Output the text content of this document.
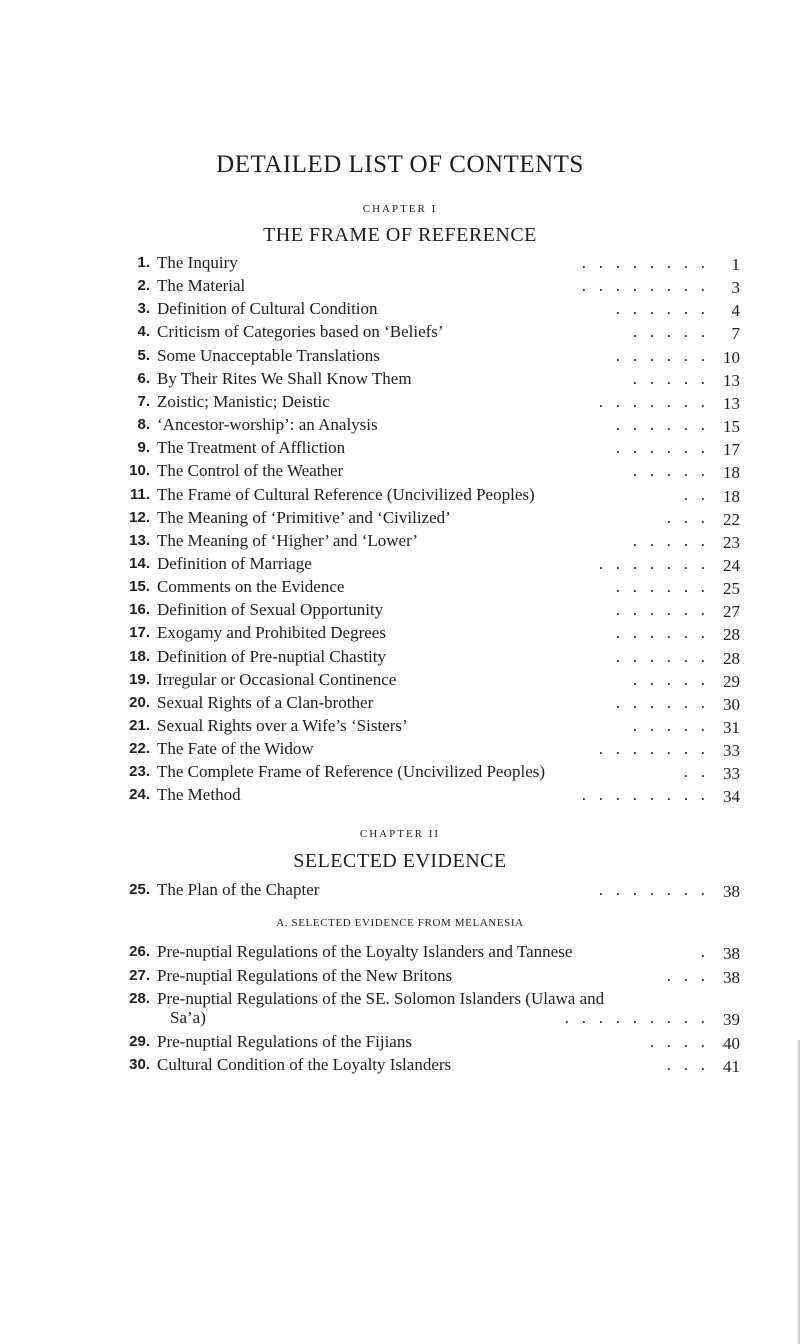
DETAILED LIST OF CONTENTS
CHAPTER I
THE FRAME OF REFERENCE
1. The Inquiry	.   .   .   .   .   .   .   .	1
2. The Material	.   .   .   .   .   .   .   .	3
3. Definition of Cultural Condition	.   .   .   .   .   .	4
4. Criticism of Categories based on ‘Beliefs’	.   .   .   .   .	7
5. Some Unacceptable Translations	.   .   .   .   .   .	10
6. By Their Rites We Shall Know Them	.   .   .   .   .	13
7. Zoistic; Manistic; Deistic	.   .   .   .   .   .   .	13
8. ‘Ancestor-worship’: an Analysis	.   .   .   .   .   .	15
9. The Treatment of Affliction	.   .   .   .   .   .	17
10. The Control of the Weather	.   .   .   .   .	18
11. The Frame of Cultural Reference (Uncivilized Peoples)	.   .	18
12. The Meaning of ‘Primitive’ and ‘Civilized’	.   .   .	22
13. The Meaning of ‘Higher’ and ‘Lower’	.   .   .   .   .	23
14. Definition of Marriage	.   .   .   .   .   .   .	24
15. Comments on the Evidence	.   .   .   .   .   .	25
16. Definition of Sexual Opportunity	.   .   .   .   .   .	27
17. Exogamy and Prohibited Degrees	.   .   .   .   .   .	28
18. Definition of Pre-nuptial Chastity	.   .   .   .   .   .	28
19. Irregular or Occasional Continence	.   .   .   .   .	29
20. Sexual Rights of a Clan-brother	.   .   .   .   .   .	30
21. Sexual Rights over a Wife’s ‘Sisters’	.   .   .   .   .	31
22. The Fate of the Widow	.   .   .   .   .   .   .	33
23. The Complete Frame of Reference (Uncivilized Peoples)	.   .	33
24. The Method	.   .   .   .   .   .   .   .	34
CHAPTER II
SELECTED EVIDENCE
25. The Plan of the Chapter	.   .   .   .   .   .   .	38
A. SELECTED EVIDENCE FROM MELANESIA
26. Pre-nuptial Regulations of the Loyalty Islanders and Tannese	.	38
27. Pre-nuptial Regulations of the New Britons	.   .   .	38
28. Pre-nuptial Regulations of the SE. Solomon Islanders (Ulawa and
Sa’a)	.   .   .   .   .   .   .   .   .	39
29. Pre-nuptial Regulations of the Fijians	.   .   .   .	40
30. Cultural Condition of the Loyalty Islanders	.   .   .	41
